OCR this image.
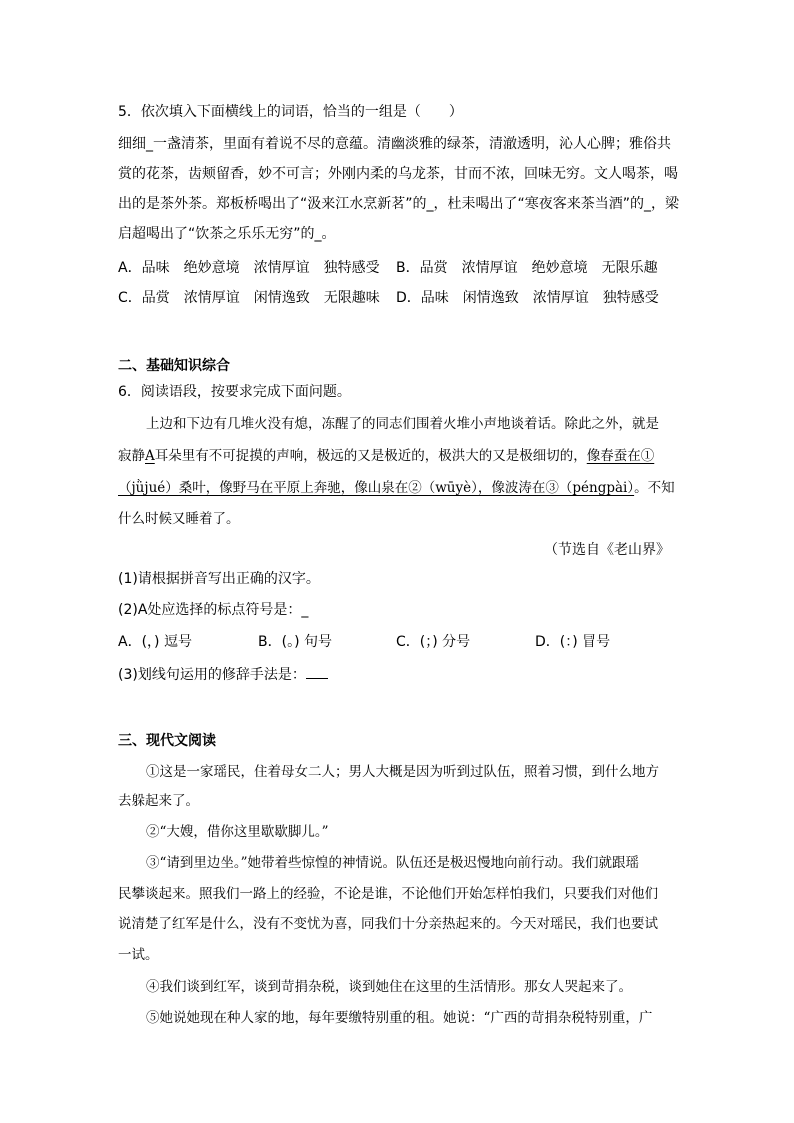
5．依次填入下面横线上的词语，恰当的一组是（　　）
细细_一盏清茶，里面有着说不尽的意蕴。清幽淡雅的绿茶，清澈透明，沁人心脾；雅俗共
赏的花茶，齿颊留香，妙不可言；外刚内柔的乌龙茶，甘而不浓，回味无穷。文人喝茶，喝
出的是茶外茶。郑板桥喝出了“汲来江水烹新茗”的_，杜耒喝出了“寒夜客来茶当酒”的_，梁
启超喝出了“饮茶之乐乐无穷”的_。
A．品味　绝妙意境　浓情厚谊　独特感受 B．品赏　浓情厚谊　绝妙意境　无限乐趣
C．品赏　浓情厚谊　闲情逸致　无限趣味 D．品味　闲情逸致　浓情厚谊　独特感受
二、基础知识综合
6．阅读语段，按要求完成下面问题。
上边和下边有几堆火没有熄，冻醒了的同志们围着火堆小声地谈着话。除此之外，就是
寂静A耳朵里有不可捉摸的声响，极远的又是极近的，极洪大的又是极细切的，像春蚕在①
（jǜjué）桑叶，像野马在平原上奔驰，像山泉在②（wūyè），像波涛在③（péngpài）。不知
什么时候又睡着了。
（节选自《老山界》
(1)请根据拼音写出正确的汉字。
(2)A处应选择的标点符号是：_
A．(，) 逗号	B．(。) 句号	C．(；) 分号	D．(：) 冒号
(3)划线句运用的修辞手法是：
三、现代文阅读
①这是一家瑶民，住着母女二人；男人大概是因为听到过队伍，照着习惯，到什么地方
去躲起来了。
②“大嫂，借你这里歇歇脚儿。”
③“请到里边坐。”她带着些惊惶的神情说。队伍还是极迟慢地向前行动。我们就跟瑶
民攀谈起来。照我们一路上的经验，不论是谁，不论他们开始怎样怕我们，只要我们对他们
说清楚了红军是什么，没有不变忧为喜，同我们十分亲热起来的。今天对瑶民，我们也要试
一试。
④我们谈到红军，谈到苛捐杂税，谈到她住在这里的生活情形。那女人哭起来了。
⑤她说她现在种人家的地，每年要缴特别重的租。她说：“广西的苛捐杂税特别重，广
